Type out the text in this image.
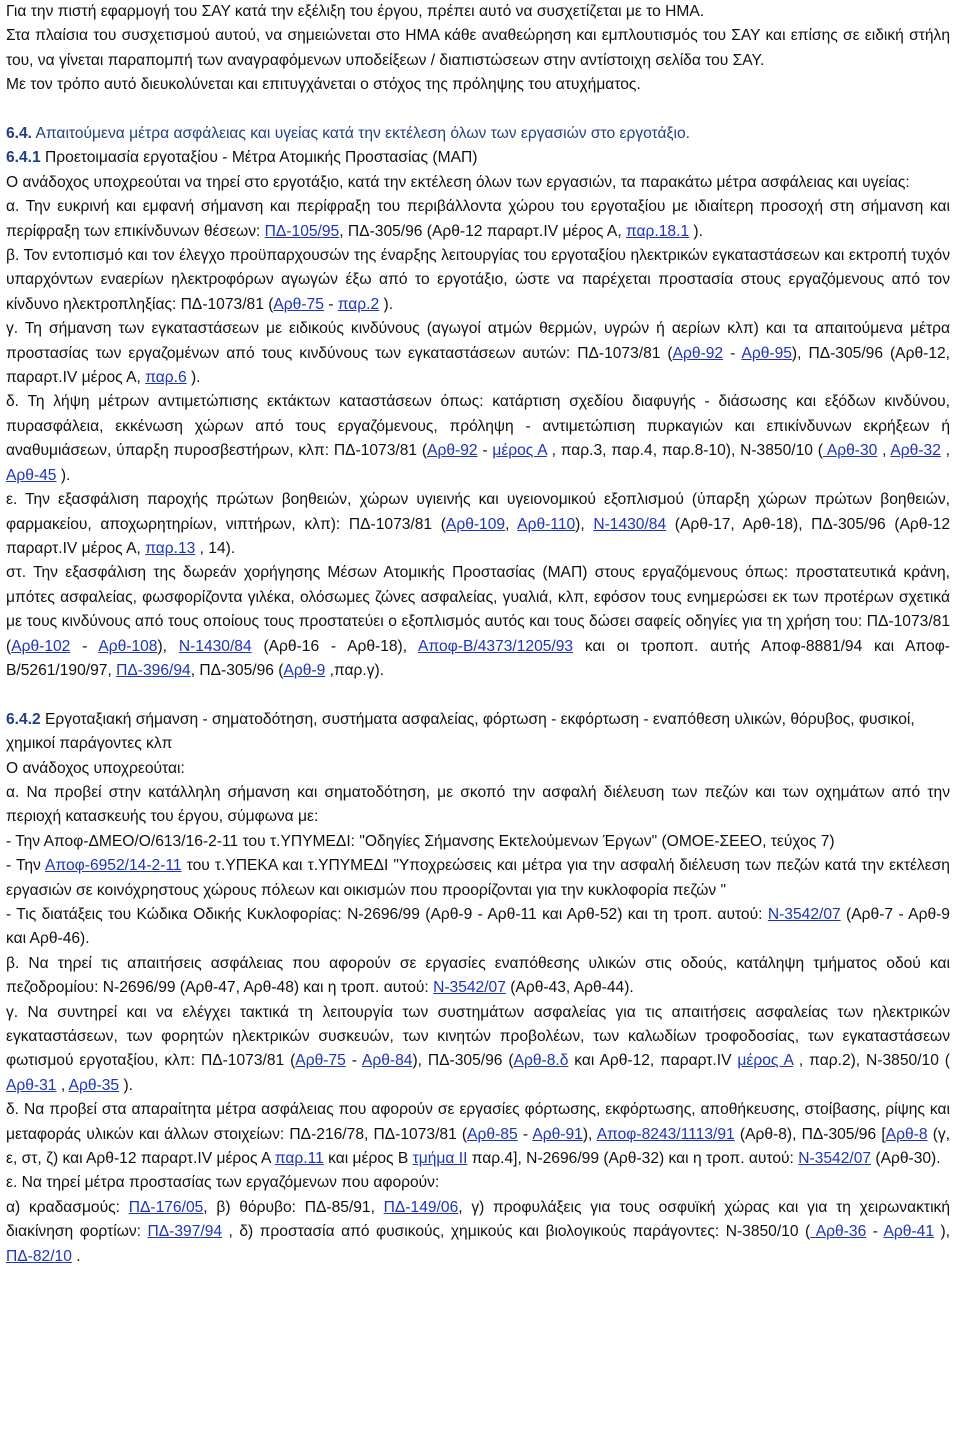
Για την πιστή εφαρμογή του ΣΑΥ κατά την εξέλιξη του έργου, πρέπει αυτό να συσχετίζεται με το ΗΜΑ.

Στα πλαίσια του συσχετισμού αυτού, να σημειώνεται στο ΗΜΑ κάθε αναθεώρηση και εμπλουτισμός του ΣΑΥ και επίσης σε ειδική στήλη του, να γίνεται παραπομπή των αναγραφόμενων υποδείξεων / διαπιστώσεων στην αντίστοιχη σελίδα του ΣΑΥ.

Με τον τρόπο αυτό διευκολύνεται και επιτυγχάνεται ο στόχος της πρόληψης του ατυχήματος.

6.4. Απαιτούμενα μέτρα ασφάλειας και υγείας κατά την εκτέλεση όλων των εργασιών στο εργοτάξιο.

6.4.1 Προετοιμασία εργοταξίου - Μέτρα Ατομικής Προστασίας (ΜΑΠ)

Ο ανάδοχος υποχρεούται να τηρεί στο εργοτάξιο, κατά την εκτέλεση όλων των εργασιών, τα παρακάτω μέτρα ασφάλειας και υγείας:

α. Την ευκρινή και εμφανή σήμανση και περίφραξη του περιβάλλοντα χώρου του εργοταξίου με ιδιαίτερη προσοχή στη σήμανση και περίφραξη των επικίνδυνων θέσεων: ΠΔ-105/95, ΠΔ-305/96 (Αρθ-12 παραρτ.IV μέρος Α, παρ.18.1 ).

β. Τον εντοπισμό και τον έλεγχο προϋπαρχουσών της έναρξης λειτουργίας του εργοταξίου ηλεκτρικών εγκαταστάσεων και εκτροπή τυχόν υπαρχόντων εναερίων ηλεκτροφόρων αγωγών έξω από το εργοτάξιο, ώστε να παρέχεται προστασία στους εργαζόμενους από τον κίνδυνο ηλεκτροπληξίας: ΠΔ-1073/81 (Αρθ-75 - παρ.2 ).

γ. Τη σήμανση των εγκαταστάσεων με ειδικούς κινδύνους (αγωγοί ατμών θερμών, υγρών ή αερίων κλπ) και τα απαιτούμενα μέτρα προστασίας των εργαζομένων από τους κινδύνους των εγκαταστάσεων αυτών: ΠΔ-1073/81 (Αρθ-92 - Αρθ-95), ΠΔ-305/96 (Αρθ-12, παραρτ.IV μέρος Α, παρ.6 ).

δ. Τη λήψη μέτρων αντιμετώπισης εκτάκτων καταστάσεων όπως: κατάρτιση σχεδίου διαφυγής - διάσωσης και εξόδων κινδύνου, πυρασφάλεια, εκκένωση χώρων από τους εργαζόμενους, πρόληψη - αντιμετώπιση πυρκαγιών και επικίνδυνων εκρήξεων ή αναθυμιάσεων, ύπαρξη πυροσβεστήρων, κλπ: ΠΔ-1073/81 (Αρθ-92 - μέρος Α , παρ.3, παρ.4, παρ.8-10), Ν-3850/10 ( Αρθ-30 , Αρθ-32 , Αρθ-45 ).

ε. Την εξασφάλιση παροχής πρώτων βοηθειών, χώρων υγιεινής και υγειονομικού εξοπλισμού (ύπαρξη χώρων πρώτων βοηθειών, φαρμακείου, αποχωρητηρίων, νιπτήρων, κλπ): ΠΔ-1073/81 (Αρθ-109, Αρθ-110), Ν-1430/84 (Αρθ-17, Αρθ-18), ΠΔ-305/96 (Αρθ-12 παραρτ.IV μέρος Α, παρ.13 , 14).

στ. Την εξασφάλιση της δωρεάν χορήγησης Μέσων Ατομικής Προστασίας (ΜΑΠ) στους εργαζόμενους όπως: προστατευτικά κράνη, μπότες ασφαλείας, φωσφορίζοντα γιλέκα, ολόσωμες ζώνες ασφαλείας, γυαλιά, κλπ, εφόσον τους ενημερώσει εκ των προτέρων σχετικά με τους κινδύνους από τους οποίους τους προστατεύει ο εξοπλισμός αυτός και τους δώσει σαφείς οδηγίες για τη χρήση του: ΠΔ-1073/81 (Αρθ-102 - Αρθ-108), Ν-1430/84 (Αρθ-16 - Αρθ-18), Αποφ-Β/4373/1205/93 και οι τροποπ. αυτής Αποφ-8881/94 και Αποφ-Β/5261/190/97, ΠΔ-396/94, ΠΔ-305/96 (Αρθ-9 ,παρ.γ).

6.4.2 Εργοταξιακή σήμανση - σηματοδότηση, συστήματα ασφαλείας, φόρτωση - εκφόρτωση - εναπόθεση υλικών, θόρυβος, φυσικοί, χημικοί παράγοντες κλπ

Ο ανάδοχος υποχρεούται:

α. Να προβεί στην κατάλληλη σήμανση και σηματοδότηση, με σκοπό την ασφαλή διέλευση των πεζών και των οχημάτων από την περιοχή κατασκευής του έργου, σύμφωνα με:

- Την Αποφ-ΔΜΕΟ/Ο/613/16-2-11 του τ.ΥΠΥΜΕΔΙ: "Οδηγίες Σήμανσης Εκτελούμενων Έργων" (ΟΜΟΕ-ΣΕΕΟ, τεύχος 7)

- Την Αποφ-6952/14-2-11 του τ.ΥΠΕΚΑ και τ.ΥΠΥΜΕΔΙ "Υποχρεώσεις και μέτρα για την ασφαλή διέλευση των πεζών κατά την εκτέλεση εργασιών σε κοινόχρηστους χώρους πόλεων και οικισμών που προορίζονται για την κυκλοφορία πεζών "

- Τις διατάξεις του Κώδικα Οδικής Κυκλοφορίας: Ν-2696/99 (Αρθ-9 - Αρθ-11 και Αρθ-52) και τη τροπ. αυτού: Ν-3542/07 (Αρθ-7 - Αρθ-9 και Αρθ-46).

β. Να τηρεί τις απαιτήσεις ασφάλειας που αφορούν σε εργασίες εναπόθεσης υλικών στις οδούς, κατάληψη τμήματος οδού και πεζοδρομίου: Ν-2696/99 (Αρθ-47, Αρθ-48) και η τροπ. αυτού: Ν-3542/07 (Αρθ-43, Αρθ-44).

γ. Να συντηρεί και να ελέγχει τακτικά τη λειτουργία των συστημάτων ασφαλείας για τις απαιτήσεις ασφαλείας των ηλεκτρικών εγκαταστάσεων, των φορητών ηλεκτρικών συσκευών, των κινητών προβολέων, των καλωδίων τροφοδοσίας, των εγκαταστάσεων φωτισμού εργοταξίου, κλπ: ΠΔ-1073/81 (Αρθ-75 - Αρθ-84), ΠΔ-305/96 (Αρθ-8.δ και Αρθ-12, παραρτ.IV μέρος Α , παρ.2), Ν-3850/10 ( Αρθ-31 , Αρθ-35 ).

δ. Να προβεί στα απαραίτητα μέτρα ασφάλειας που αφορούν σε εργασίες φόρτωσης, εκφόρτωσης, αποθήκευσης, στοίβασης, ρίψης και μεταφοράς υλικών και άλλων στοιχείων: ΠΔ-216/78, ΠΔ-1073/81 (Αρθ-85 - Αρθ-91), Αποφ-8243/1113/91 (Αρθ-8), ΠΔ-305/96 [Αρθ-8 (γ, ε, στ, ζ) και Αρθ-12 παραρτ.IV μέρος Α παρ.11 και μέρος Β τμήμα ΙΙ παρ.4], Ν-2696/99 (Αρθ-32) και η τροπ. αυτού: Ν-3542/07 (Αρθ-30).

ε. Να τηρεί μέτρα προστασίας των εργαζόμενων που αφορούν:

α) κραδασμούς: ΠΔ-176/05, β) θόρυβο: ΠΔ-85/91, ΠΔ-149/06, γ) προφυλάξεις για τους οσφυϊκή χώρας και για τη χειρωνακτική διακίνηση φορτίων: ΠΔ-397/94 , δ) προστασία από φυσικούς, χημικούς και βιολογικούς παράγοντες: Ν-3850/10 ( Αρθ-36 - Αρθ-41 ), ΠΔ-82/10 .
